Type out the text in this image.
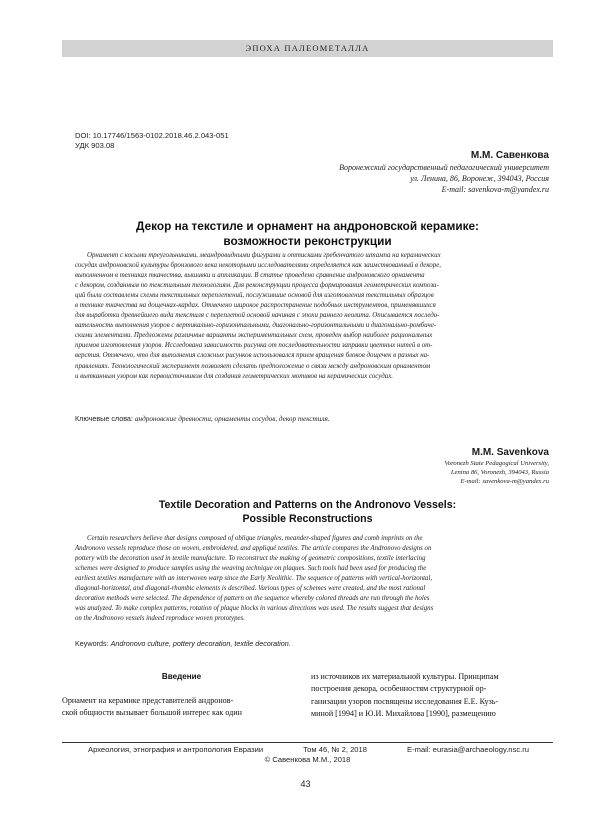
ЭПОХА ПАЛЕОМЕТАЛЛА
DOI: 10.17746/1563-0102.2018.46.2.043-051
УДК 903.08
М.М. Савенкова
Воронежский государственный педагогический университет
ул. Ленина, 86, Воронеж, 394043, Россия
E-mail: savenkova-m@yandex.ru
Декор на текстиле и орнамент на андроновской керамике:
возможности реконструкции
Орнамент с косыми треугольниками, меандровидными фигурами и оттисками гребенчатого штампа на керамических
сосудах андроновской культуры бронзового века некоторыми исследователями определяется как заимствованный в декоре,
выполненном в техниках ткачества, вышивки и аппликации. В статье проведено сравнение андроновского орнамента
с декором, созданным по текстильным технологиям. Для реконструкции процесса формирования геометрических компози-
ций были составлены схемы текстильных переплетений, послужившие основой для изготовления текстильных образцов
в технике ткачества на дощечках-кардах. Отмечено широкое распространение подобных инструментов, применявшихся
для выработки древнейшего вида текстиля с переплетой основой начиная с эпохи раннего неолита. Описывается последо-
вательность выполнения узоров с вертикально-горизонтальными, диагонально-горизонтальными и диагонально-ромбиче-
скими элементами. Предложены различные варианты экспериментальных схем, проведен выбор наиболее рациональных
приемов изготовления узоров. Исследована зависимость рисунка от последовательности заправки цветных нитей в от-
верстия. Отмечено, что для выполнения сложных рисунков использовался прием вращения блоков дощечек в разных на-
правлениях. Технологический эксперимент позволяет сделать предположение о связи между андроновским орнаментом
и вытканным узором как первоисточником для создания геометрических мотивов на керамических сосудах.
Ключевые слова: андроновские древности, орнаменты сосудов, декор текстиля.
M.M. Savenkova
Voronezh State Pedagogical University,
Lenina 86, Voronezh, 394043, Russia
E-mail: savenkova-m@yandex.ru
Textile Decoration and Patterns on the Andronovo Vessels:
Possible Reconstructions
Certain researchers believe that designs composed of oblique triangles, meander-shaped figures and comb imprints on the
Andronovo vessels reproduce those on woven, embroidered, and appliqué textiles. The article compares the Andronovo designs on
pottery with the decoration used in textile manufacture. To reconstruct the making of geometric compositions, textile interlacing
schemes were designed to produce samples using the weaving technique on plaques. Such tools had been used for producing the
earliest textiles manufacture with an interwoven warp since the Early Neolithic. The sequence of patterns with vertical-horizontal,
diagonal-horizontal, and diagonal-rhombic elements is described. Various types of schemes were created, and the most rational
decoration methods were selected. The dependence of pattern on the sequence whereby colored threads are run through the holes
was analyzed. To make complex patterns, rotation of plaque blocks in various directions was used. The results suggest that designs
on the Andronovo vessels indeed reproduce woven prototypes.
Keywords: Andronovo culture, pottery decoration, textile decoration.
Введение
Орнамент на керамике представителей андронов-
ской общности вызывает большой интерес как один
из источников их материальной культуры. Принципам
построения декора, особенностям структурной ор-
ганизации узоров посвящены исследования Е.Е. Кузь-
миной [1994] и Ю.И. Михайлова [1990], размещению
Археология, этнография и антропология Евразии	Том 46, № 2, 2018	E-mail: eurasia@archaeology.nsc.ru
© Савенкова М.М., 2018
43
